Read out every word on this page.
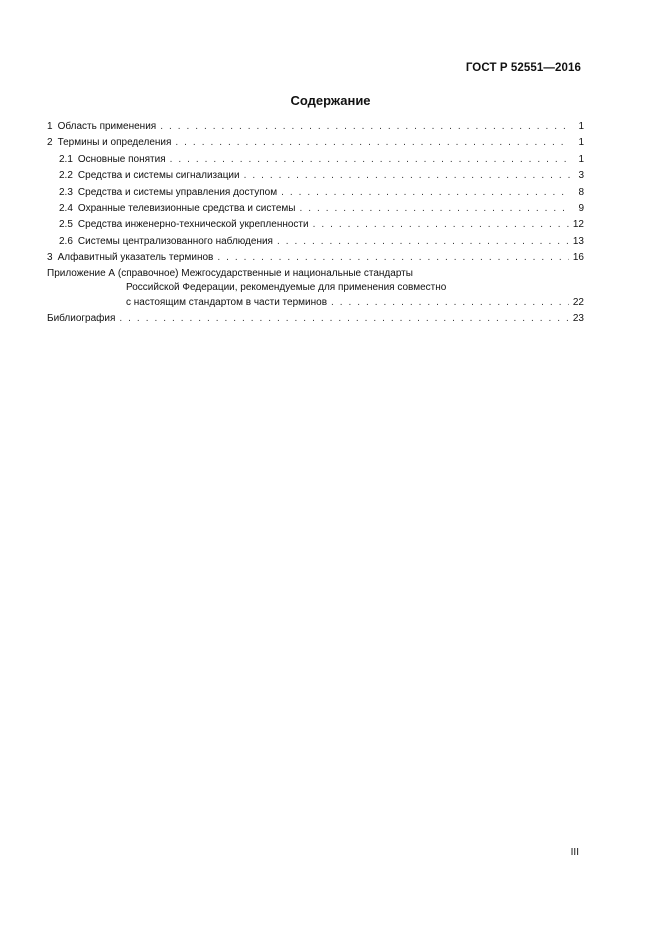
ГОСТ Р 52551—2016
Содержание
1 Область применения . . .	1
2 Термины и определения . . .	1
2.1 Основные понятия . . .	1
2.2 Средства и системы сигнализации . . .	3
2.3 Средства и системы управления доступом . . .	8
2.4 Охранные телевизионные средства и системы . . .	9
2.5 Средства инженерно-технической укрепленности . . .	12
2.6 Системы централизованного наблюдения . . .	13
3 Алфавитный указатель терминов . . .	16
Приложение А (справочное) Межгосударственные и национальные стандарты
Российской Федерации, рекомендуемые для применения совместно
с настоящим стандартом в части терминов . . .	22
Библиография . . .	23
III
